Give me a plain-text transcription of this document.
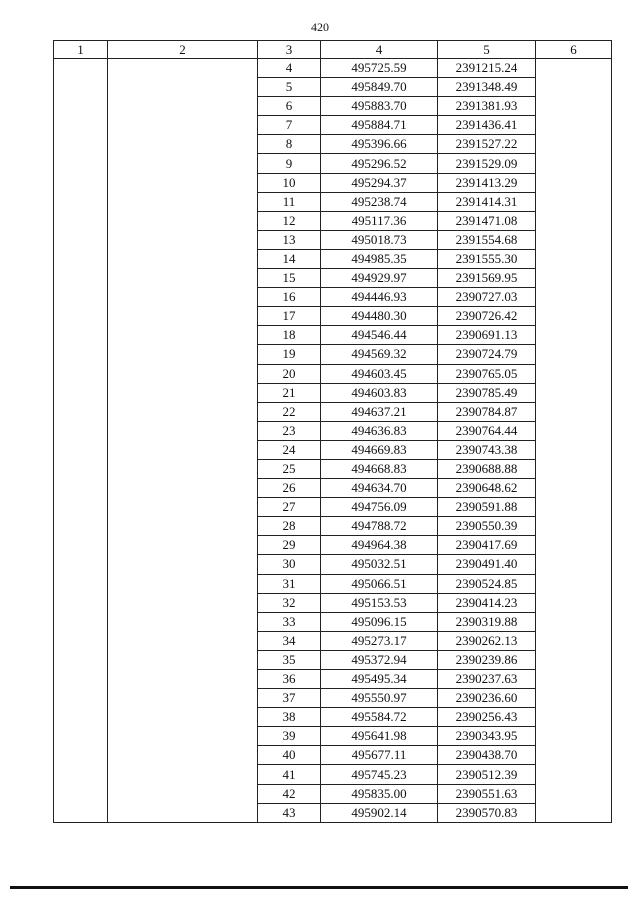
420
1	2	3	4	5	6
		4	495725.59	2391215.24	
		5	495849.70	2391348.49	
		6	495883.70	2391381.93	
		7	495884.71	2391436.41	
		8	495396.66	2391527.22	
		9	495296.52	2391529.09	
		10	495294.37	2391413.29	
		11	495238.74	2391414.31	
		12	495117.36	2391471.08	
		13	495018.73	2391554.68	
		14	494985.35	2391555.30	
		15	494929.97	2391569.95	
		16	494446.93	2390727.03	
		17	494480.30	2390726.42	
		18	494546.44	2390691.13	
		19	494569.32	2390724.79	
		20	494603.45	2390765.05	
		21	494603.83	2390785.49	
		22	494637.21	2390784.87	
		23	494636.83	2390764.44	
		24	494669.83	2390743.38	
		25	494668.83	2390688.88	
		26	494634.70	2390648.62	
		27	494756.09	2390591.88	
		28	494788.72	2390550.39	
		29	494964.38	2390417.69	
		30	495032.51	2390491.40	
		31	495066.51	2390524.85	
		32	495153.53	2390414.23	
		33	495096.15	2390319.88	
		34	495273.17	2390262.13	
		35	495372.94	2390239.86	
		36	495495.34	2390237.63	
		37	495550.97	2390236.60	
		38	495584.72	2390256.43	
		39	495641.98	2390343.95	
		40	495677.11	2390438.70	
		41	495745.23	2390512.39	
		42	495835.00	2390551.63	
		43	495902.14	2390570.83	
